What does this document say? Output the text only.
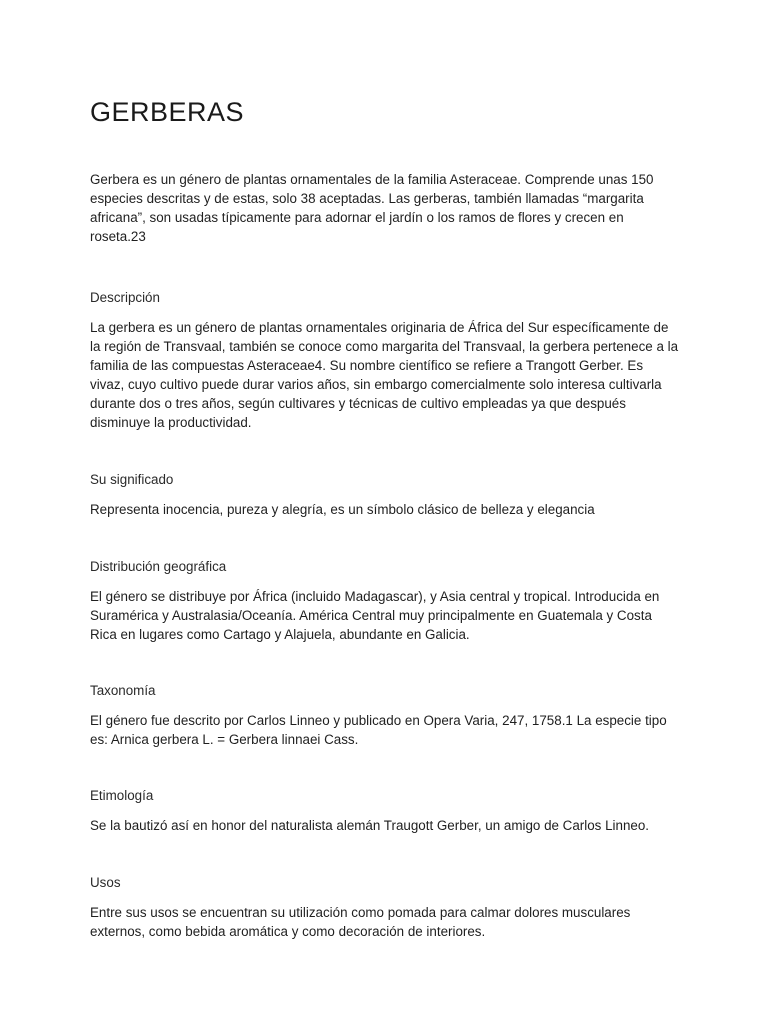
GERBERAS

Gerbera es un género de plantas ornamentales de la familia Asteraceae. Comprende unas 150 especies descritas y de estas, solo 38 aceptadas. Las gerberas, también llamadas “margarita africana”, son usadas típicamente para adornar el jardín o los ramos de flores y crecen en roseta.23

Descripción

La gerbera es un género de plantas ornamentales originaria de África del Sur específicamente de la región de Transvaal, también se conoce como margarita del Transvaal, la gerbera pertenece a la familia de las compuestas Asteraceae4. Su nombre científico se refiere a Trangott Gerber. Es vivaz, cuyo cultivo puede durar varios años, sin embargo comercialmente solo interesa cultivarla durante dos o tres años, según cultivares y técnicas de cultivo empleadas ya que después disminuye la productividad.

Su significado

Representa inocencia, pureza y alegría, es un símbolo clásico de belleza y elegancia

Distribución geográfica

El género se distribuye por África (incluido Madagascar), y Asia central y tropical. Introducida en Suramérica y Australasia/Oceanía. América Central muy principalmente en Guatemala y Costa Rica en lugares como Cartago y Alajuela, abundante en Galicia.

Taxonomía

El género fue descrito por Carlos Linneo y publicado en Opera Varia, 247, 1758.1 La especie tipo es: Arnica gerbera L. = Gerbera linnaei Cass.

Etimología

Se la bautizó así en honor del naturalista alemán Traugott Gerber, un amigo de Carlos Linneo.

Usos

Entre sus usos se encuentran su utilización como pomada para calmar dolores musculares externos, como bebida aromática y como decoración de interiores.
